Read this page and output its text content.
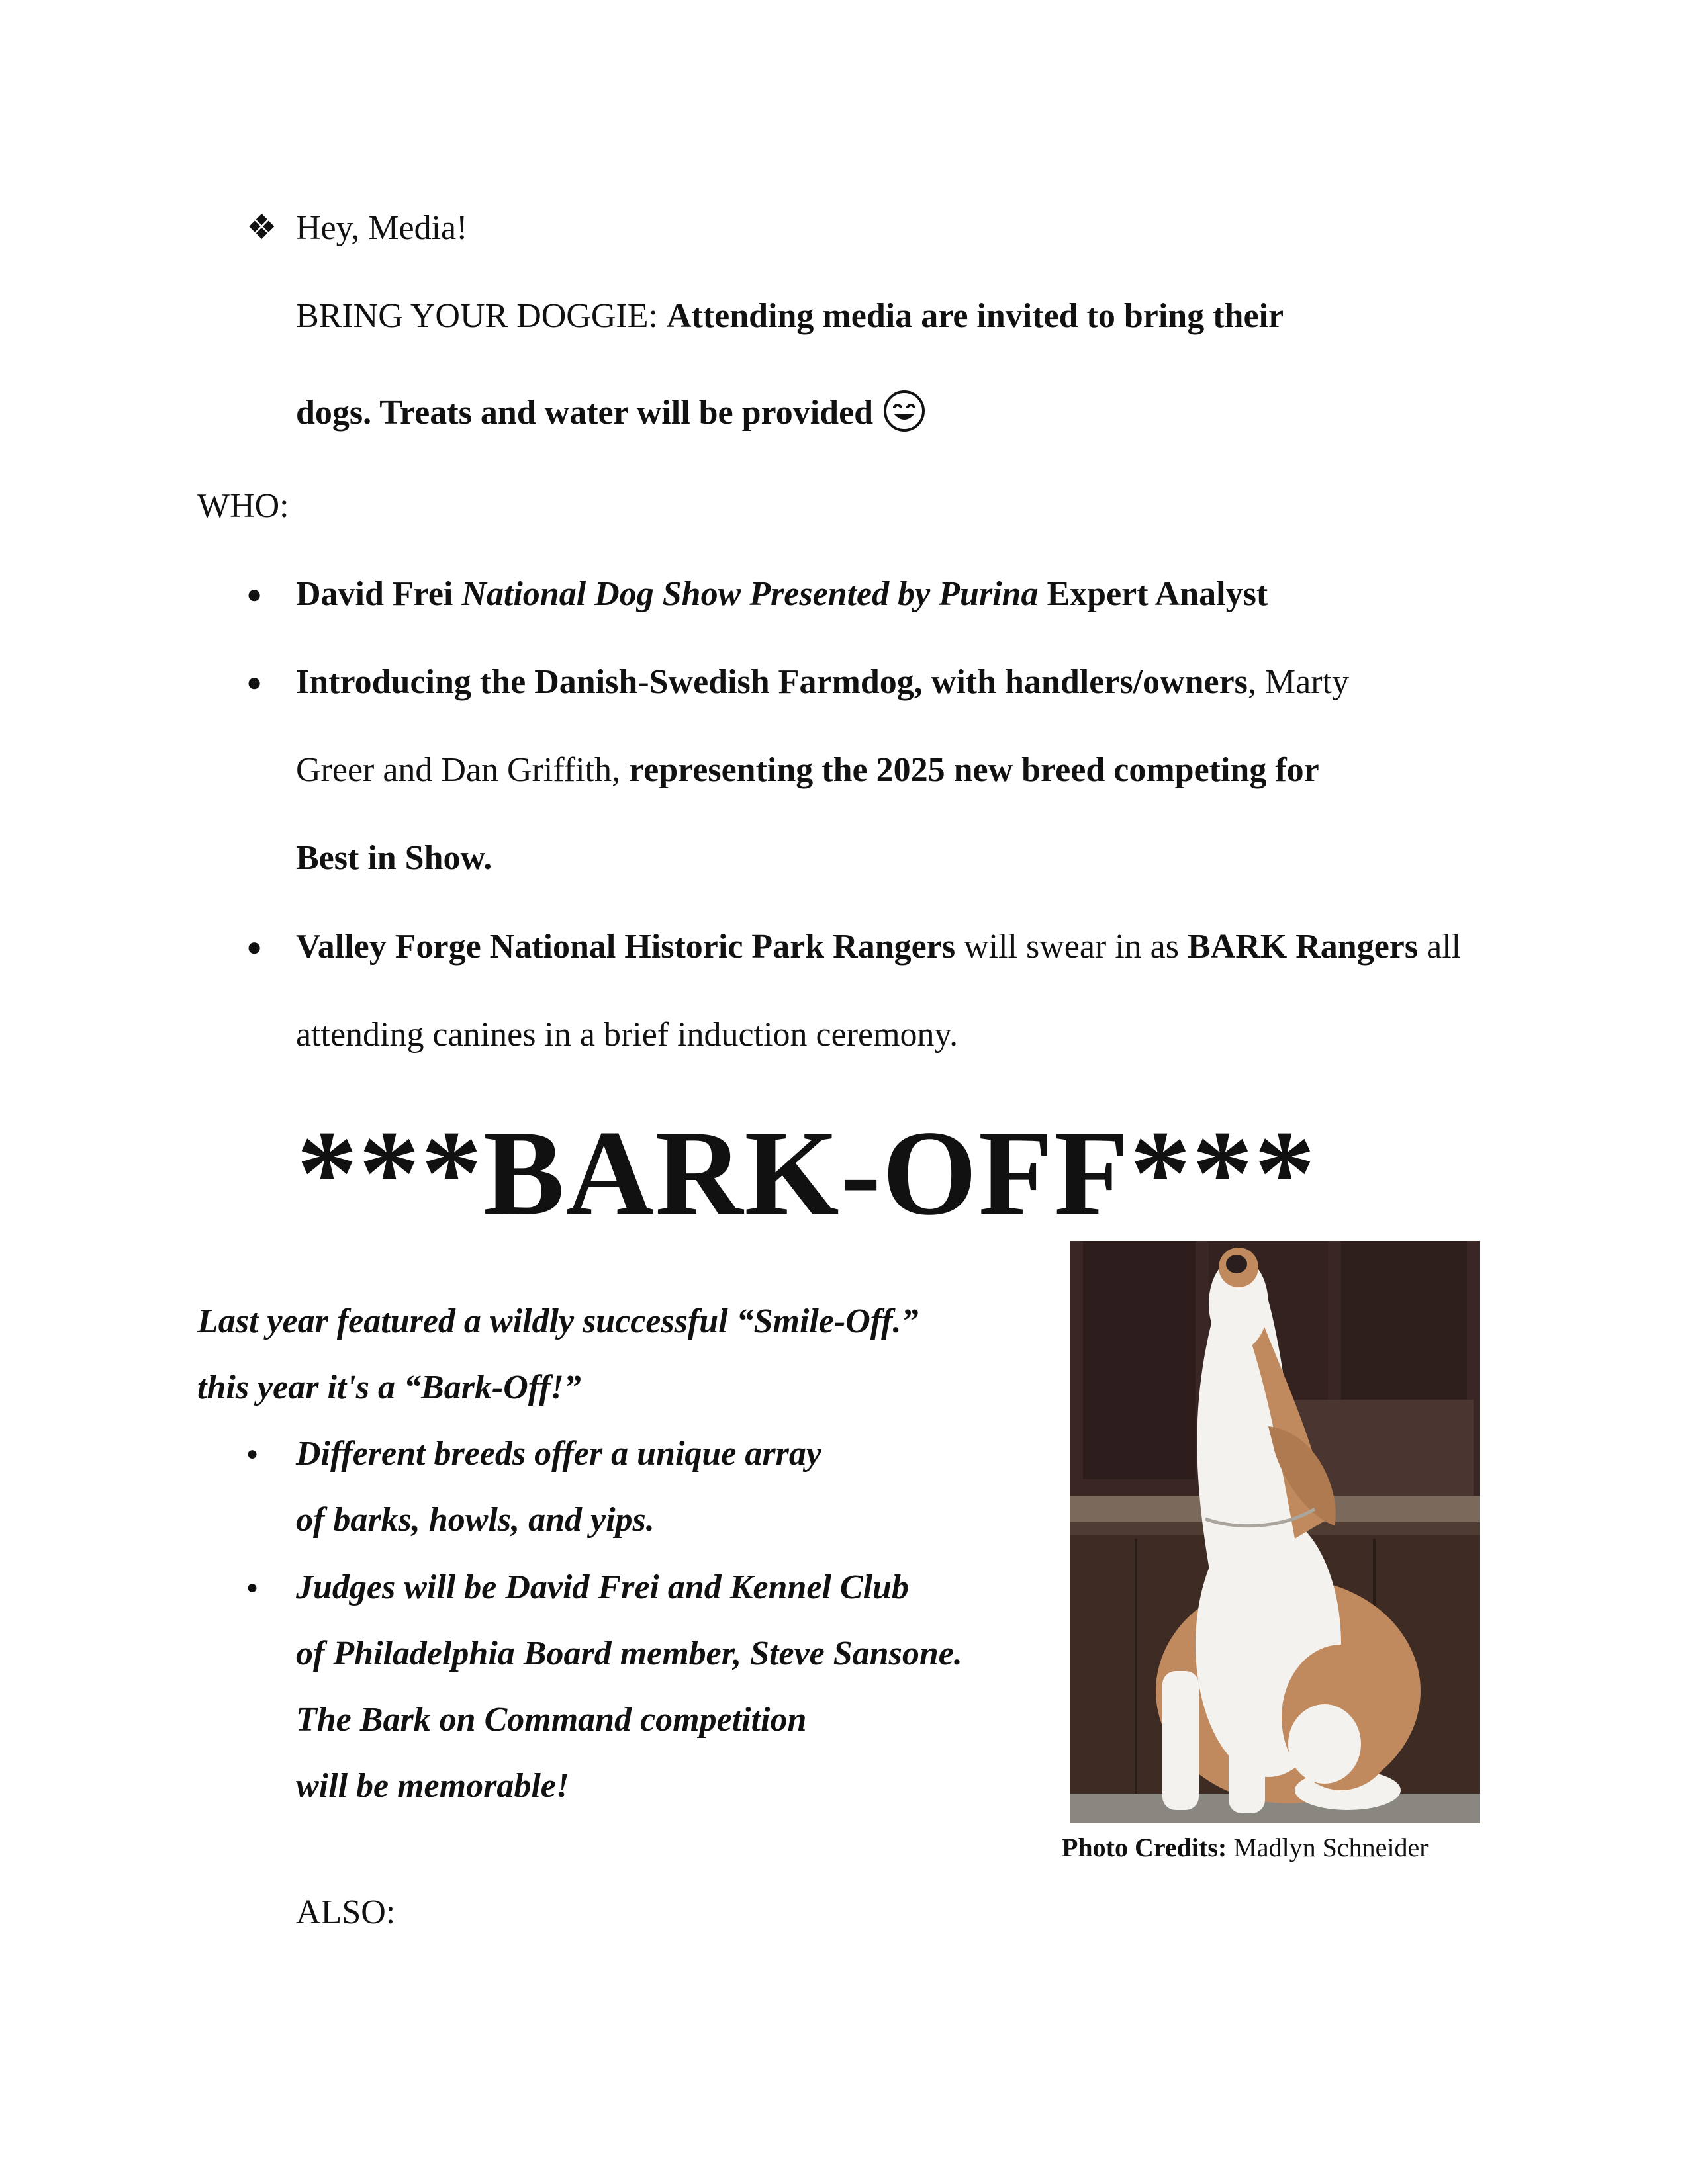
❖ Hey, Media!
BRING YOUR DOGGIE: Attending media are invited to bring their
dogs. Treats and water will be provided
WHO:
● David Frei National Dog Show Presented by Purina Expert Analyst
● Introducing the Danish-Swedish Farmdog, with handlers/owners, Marty
Greer and Dan Griffith, representing the 2025 new breed competing for
Best in Show.
● Valley Forge National Historic Park Rangers will swear in as BARK Rangers all
attending canines in a brief induction ceremony.
***BARK-OFF***
Last year featured a wildly successful “Smile-Off.”
this year it's a “Bark-Off!”
● Different breeds offer a unique array
of barks, howls, and yips.
● Judges will be David Frei and Kennel Club
of Philadelphia Board member, Steve Sansone.
The Bark on Command competition
will be memorable!
Photo Credits: Madlyn Schneider
ALSO:
